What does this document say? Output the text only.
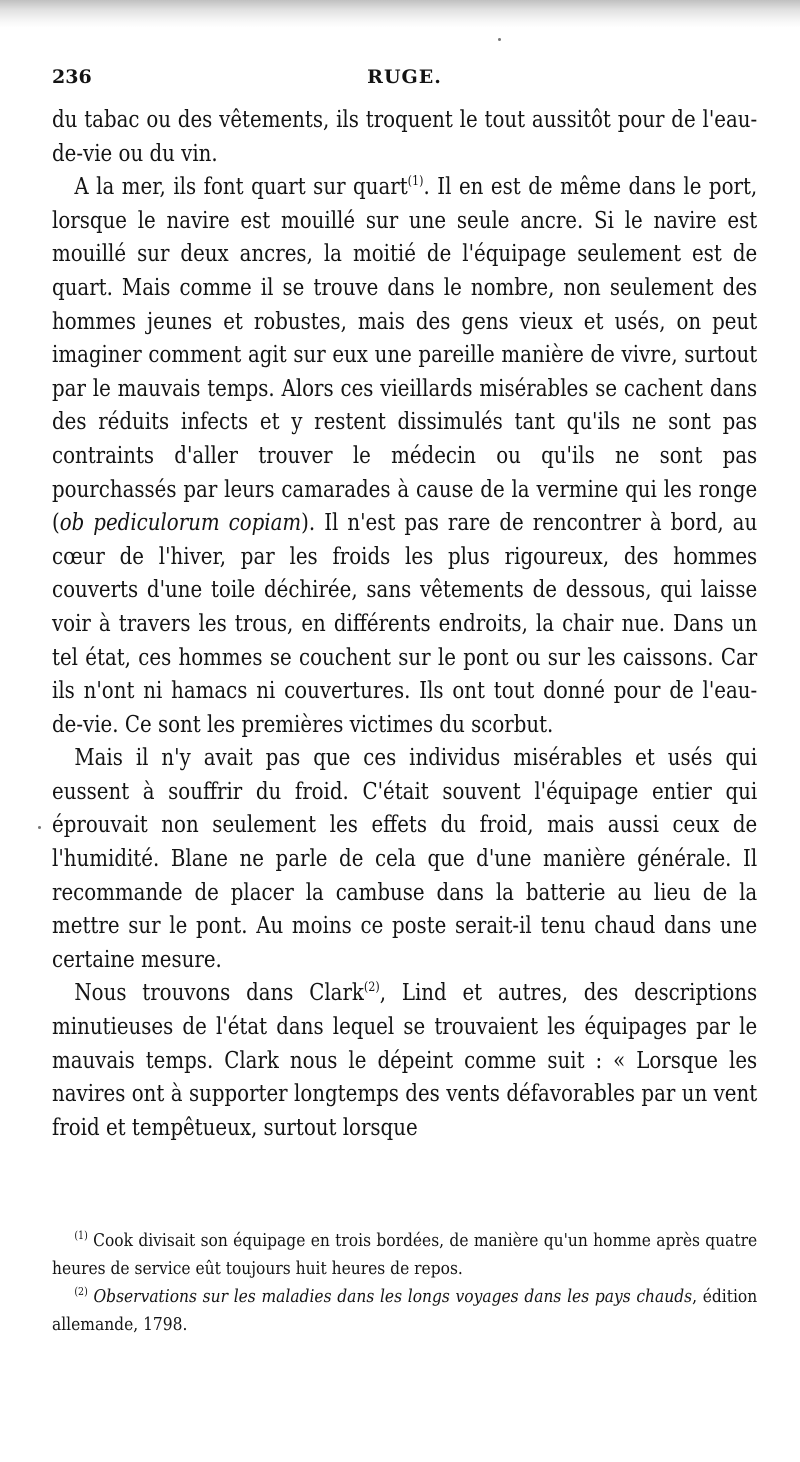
236	RUGE.

du tabac ou des vêtements, ils troquent le tout aussitôt pour de l'eau-de-vie ou du vin.

A la mer, ils font quart sur quart$^{(1)}$. Il en est de même dans le port, lorsque le navire est mouillé sur une seule ancre. Si le navire est mouillé sur deux ancres, la moitié de l'équipage seulement est de quart. Mais comme il se trouve dans le nombre, non seulement des hommes jeunes et robustes, mais des gens vieux et usés, on peut imaginer comment agit sur eux une pareille manière de vivre, surtout par le mauvais temps. Alors ces vieillards misérables se cachent dans des réduits infects et y restent dissimulés tant qu'ils ne sont pas contraints d'aller trouver le médecin ou qu'ils ne sont pas pourchassés par leurs camarades à cause de la vermine qui les ronge (ob pediculorum copiam). Il n'est pas rare de rencontrer à bord, au cœur de l'hiver, par les froids les plus rigoureux, des hommes couverts d'une toile déchirée, sans vêtements de dessous, qui laisse voir à travers les trous, en différents endroits, la chair nue. Dans un tel état, ces hommes se couchent sur le pont ou sur les caissons. Car ils n'ont ni hamacs ni couvertures. Ils ont tout donné pour de l'eau-de-vie. Ce sont les premières victimes du scorbut.

Mais il n'y avait pas que ces individus misérables et usés qui eussent à souffrir du froid. C'était souvent l'équipage entier qui éprouvait non seulement les effets du froid, mais aussi ceux de l'humidité. Blane ne parle de cela que d'une manière générale. Il recommande de placer la cambuse dans la batterie au lieu de la mettre sur le pont. Au moins ce poste serait-il tenu chaud dans une certaine mesure.

Nous trouvons dans Clark$^{(2)}$, Lind et autres, des descriptions minutieuses de l'état dans lequel se trouvaient les équipages par le mauvais temps. Clark nous le dépeint comme suit : « Lorsque les navires ont à supporter longtemps des vents défavorables par un vent froid et tempêtueux, surtout lorsque

$^{(1)}$ Cook divisait son équipage en trois bordées, de manière qu'un homme après quatre heures de service eût toujours huit heures de repos.

$^{(2)}$ Observations sur les maladies dans les longs voyages dans les pays chauds, édition allemande, 1798.
